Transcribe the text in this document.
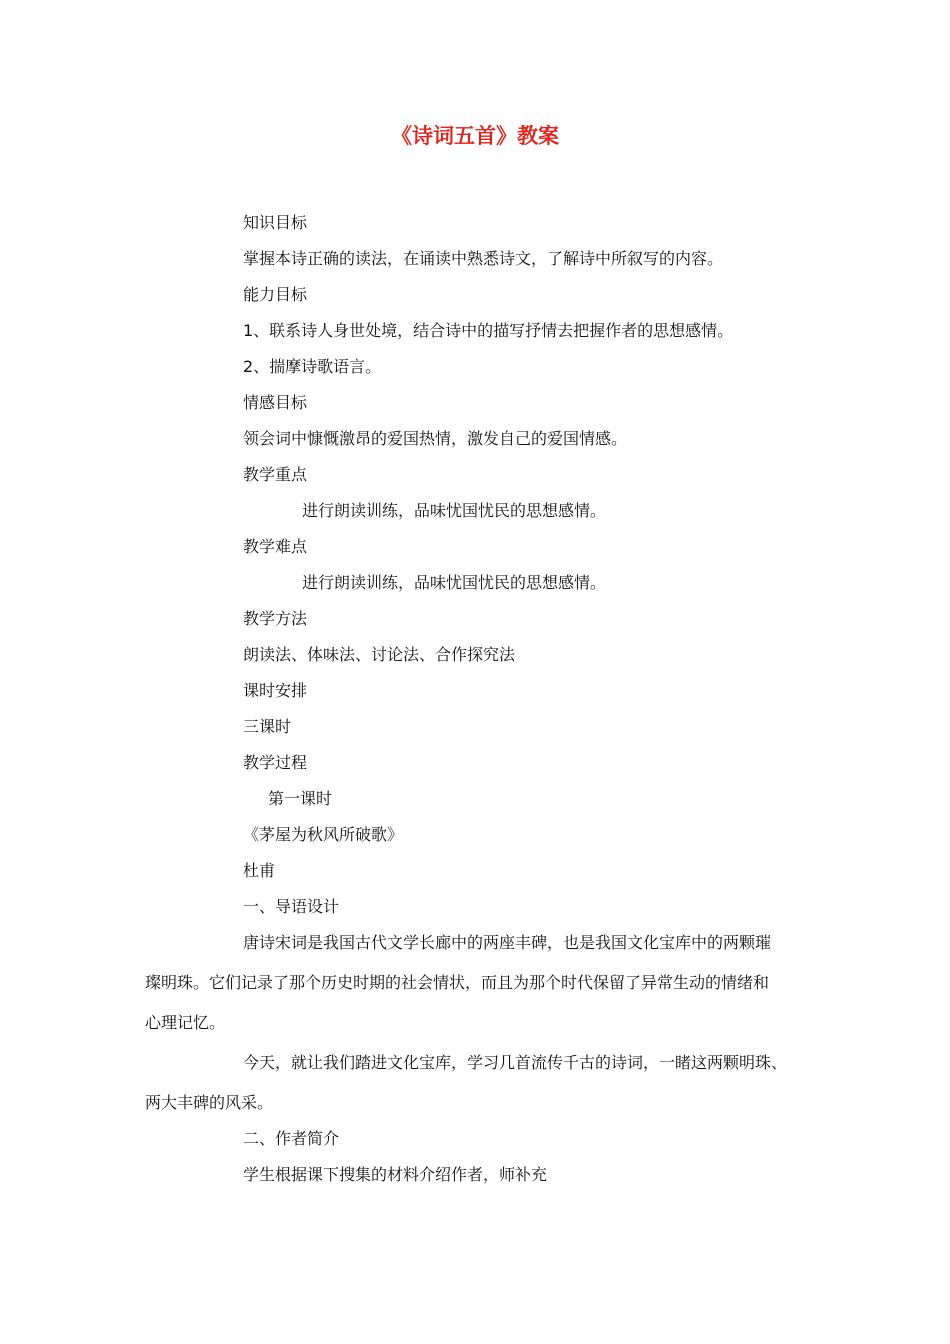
《诗词五首》教案

知识目标

掌握本诗正确的读法，在诵读中熟悉诗文，了解诗中所叙写的内容。

能力目标

1、联系诗人身世处境，结合诗中的描写抒情去把握作者的思想感情。

2、揣摩诗歌语言。

情感目标

领会词中慷慨激昂的爱国热情，激发自己的爱国情感。

教学重点

进行朗读训练，品味忧国忧民的思想感情。

教学难点

进行朗读训练，品味忧国忧民的思想感情。

教学方法

朗读法、体味法、讨论法、合作探究法

课时安排

三课时

教学过程

第一课时

《茅屋为秋风所破歌》

杜甫

一、导语设计

唐诗宋词是我国古代文学长廊中的两座丰碑，也是我国文化宝库中的两颗璀

璨明珠。它们记录了那个历史时期的社会情状，而且为那个时代保留了异常生动的情绪和

心理记忆。

今天，就让我们踏进文化宝库，学习几首流传千古的诗词，一睹这两颗明珠、

两大丰碑的风采。

二、作者简介

学生根据课下搜集的材料介绍作者，师补充
